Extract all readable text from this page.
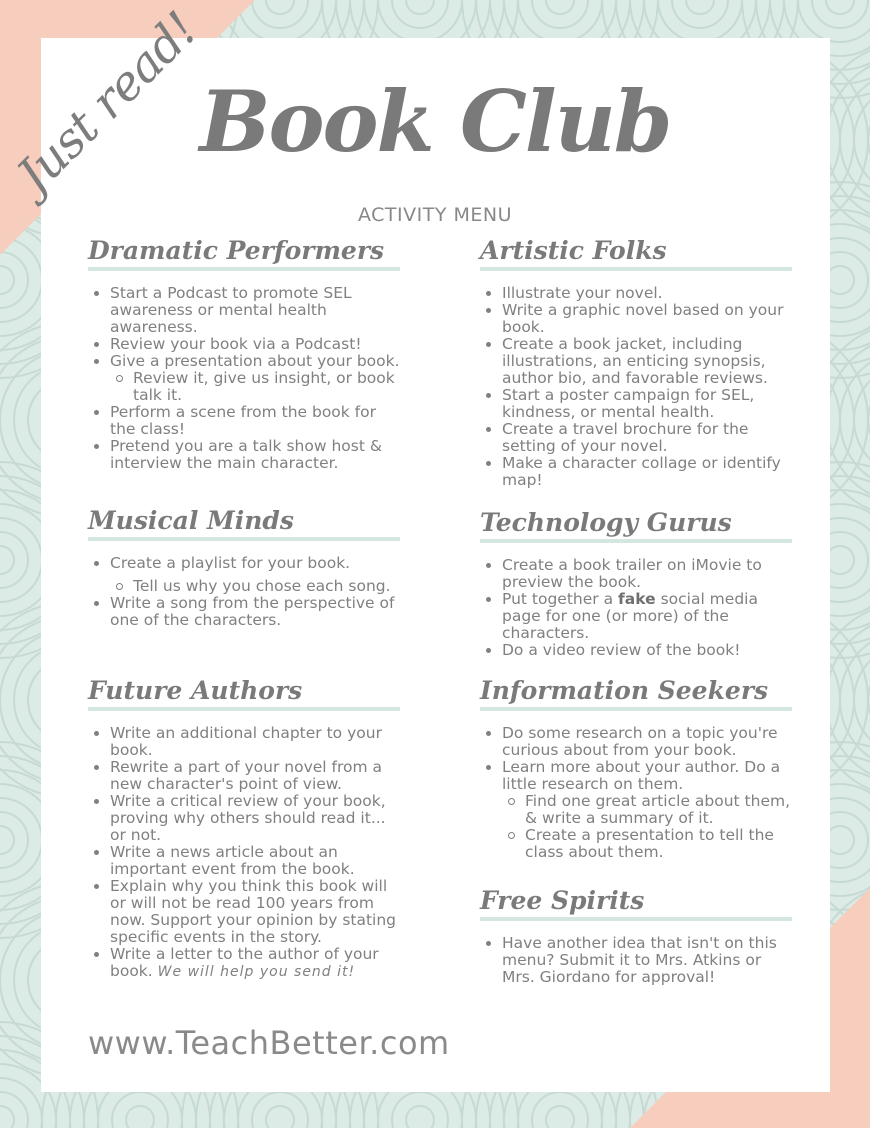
Just read!
Book Club
ACTIVITY MENU
Dramatic Performers
Start a Podcast to promote SEL awareness or mental health awareness.
Review your book via a Podcast!
Give a presentation about your book.
Review it, give us insight, or book talk it.
Perform a scene from the book for the class!
Pretend you are a talk show host & interview the main character.
Musical Minds
Create a playlist for your book.
Tell us why you chose each song.
Write a song from the perspective of one of the characters.
Future Authors
Write an additional chapter to your book.
Rewrite a part of your novel from a new character's point of view.
Write a critical review of your book, proving why others should read it... or not.
Write a news article about an important event from the book.
Explain why you think this book will or will not be read 100 years from now. Support your opinion by stating specific events in the story.
Write a letter to the author of your book. We will help you send it!
Artistic Folks
Illustrate your novel.
Write a graphic novel based on your book.
Create a book jacket, including illustrations, an enticing synopsis, author bio, and favorable reviews.
Start a poster campaign for SEL, kindness, or mental health.
Create a travel brochure for the setting of your novel.
Make a character collage or identify map!
Technology Gurus
Create a book trailer on iMovie to preview the book.
Put together a fake social media page for one (or more) of the characters.
Do a video review of the book!
Information Seekers
Do some research on a topic you're curious about from your book.
Learn more about your author. Do a little research on them.
Find one great article about them, & write a summary of it.
Create a presentation to tell the class about them.
Free Spirits
Have another idea that isn't on this menu? Submit it to Mrs. Atkins or Mrs. Giordano for approval!
www.TeachBetter.com
